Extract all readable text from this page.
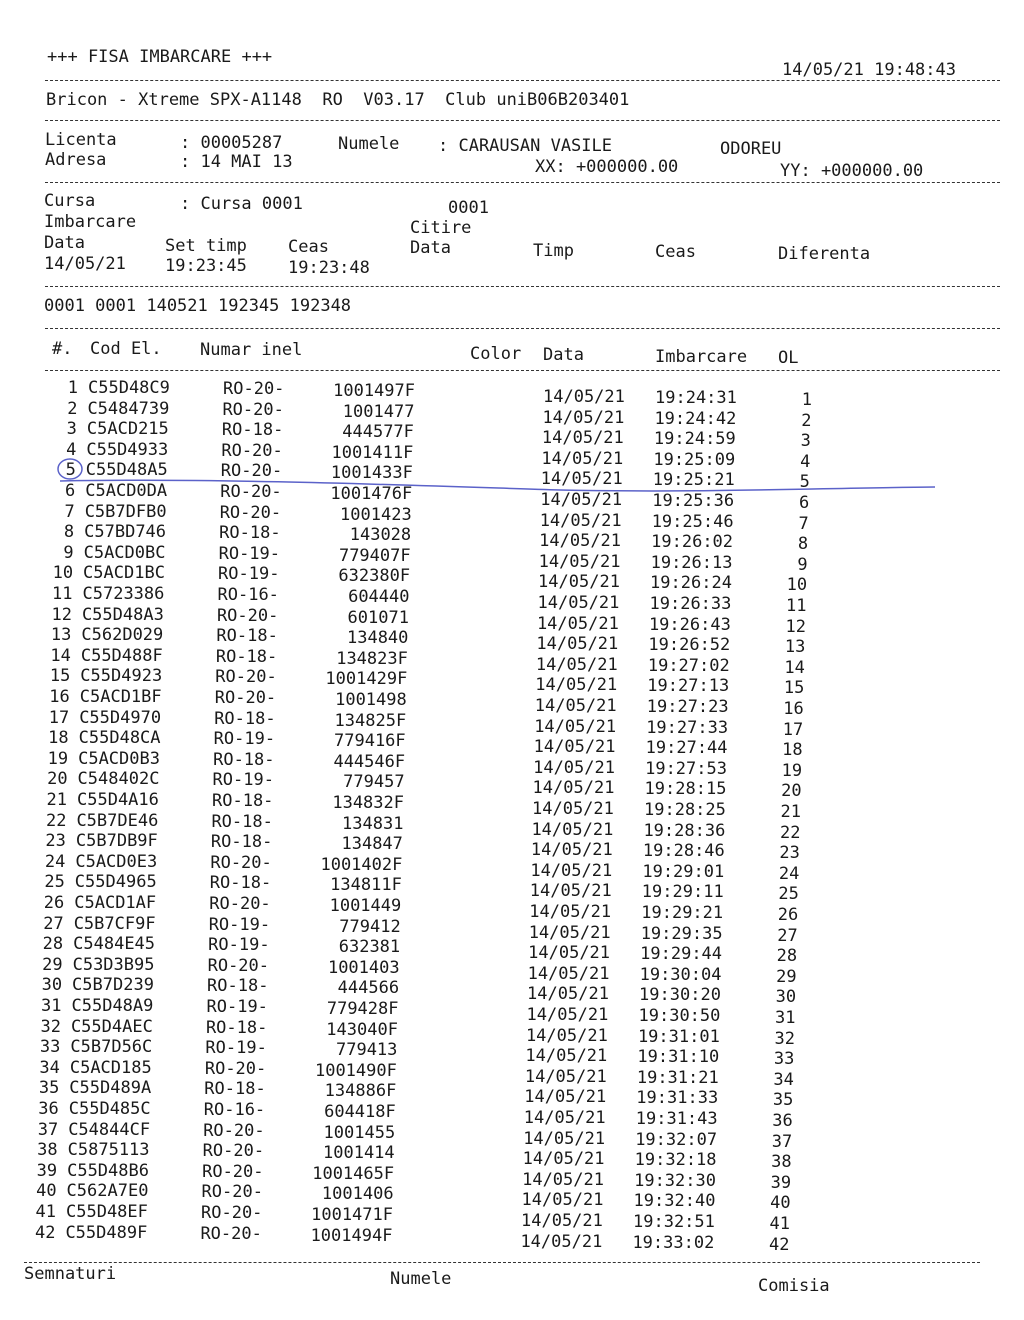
+++ FISA IMBARCARE +++
14/05/21 19:48:43
Bricon - Xtreme SPX-A1148  RO  V03.17  Club uniB06B203401
Licenta	: 00005287	Numele : CARAUSAN VASILE	ODOREU
Adresa	: 14 MAI 13	XX: +000000.00	YY: +000000.00
Cursa	: Cursa 0001	0001
Imbarcare	Citire
Data	Set timp Ceas	Data	Timp	Ceas	Diferenta
14/05/21 19:23:45 19:23:48
0001 0001 140521 192345 192348
#. Cod El. Numar inel	Color Data	Imbarcare OL
1 C55D48C9	RO-20-	1001497F	14/05/21 19:24:31	1
2 C5484739	RO-20-	1001477	14/05/21 19:24:42	2
3 C5ACD215	RO-18-	444577F	14/05/21 19:24:59	3
4 C55D4933	RO-20-	1001411F	14/05/21 19:25:09	4
5 C55D48A5	RO-20-	1001433F	14/05/21 19:25:21	5
6 C5ACD0DA	RO-20-	1001476F	14/05/21 19:25:36	6
7 C5B7DFB0	RO-20-	1001423	14/05/21 19:25:46	7
8 C57BD746	RO-18-	143028	14/05/21 19:26:02	8
9 C5ACD0BC	RO-19-	779407F	14/05/21 19:26:13	9
10 C5ACD1BC	RO-19-	632380F	14/05/21 19:26:24	10
11 C5723386	RO-16-	604440	14/05/21 19:26:33	11
12 C55D48A3	RO-20-	601071	14/05/21 19:26:43	12
13 C562D029	RO-18-	134840	14/05/21 19:26:52	13
14 C55D488F	RO-18-	134823F	14/05/21 19:27:02	14
15 C55D4923	RO-20-	1001429F	14/05/21 19:27:13	15
16 C5ACD1BF	RO-20-	1001498	14/05/21 19:27:23	16
17 C55D4970	RO-18-	134825F	14/05/21 19:27:33	17
18 C55D48CA	RO-19-	779416F	14/05/21 19:27:44	18
19 C5ACD0B3	RO-18-	444546F	14/05/21 19:27:53	19
20 C548402C	RO-19-	779457	14/05/21 19:28:15	20
21 C55D4A16	RO-18-	134832F	14/05/21 19:28:25	21
22 C5B7DE46	RO-18-	134831	14/05/21 19:28:36	22
23 C5B7DB9F	RO-18-	134847	14/05/21 19:28:46	23
24 C5ACD0E3	RO-20-	1001402F	14/05/21 19:29:01	24
25 C55D4965	RO-18-	134811F	14/05/21 19:29:11	25
26 C5ACD1AF	RO-20-	1001449	14/05/21 19:29:21	26
27 C5B7CF9F	RO-19-	779412	14/05/21 19:29:35	27
28 C5484E45	RO-19-	632381	14/05/21 19:29:44	28
29 C53D3B95	RO-20-	1001403	14/05/21 19:30:04	29
30 C5B7D239	RO-18-	444566	14/05/21 19:30:20	30
31 C55D48A9	RO-19-	779428F	14/05/21 19:30:50	31
32 C55D4AEC	RO-18-	143040F	14/05/21 19:31:01	32
33 C5B7D56C	RO-19-	779413	14/05/21 19:31:10	33
34 C5ACD185	RO-20-	1001490F	14/05/21 19:31:21	34
35 C55D489A	RO-18-	134886F	14/05/21 19:31:33	35
36 C55D485C	RO-16-	604418F	14/05/21 19:31:43	36
37 C54844CF	RO-20-	1001455	14/05/21 19:32:07	37
38 C5875113	RO-20-	1001414	14/05/21 19:32:18	38
39 C55D48B6	RO-20-	1001465F	14/05/21 19:32:30	39
40 C562A7E0	RO-20-	1001406	14/05/21 19:32:40	40
41 C55D48EF	RO-20-	1001471F	14/05/21 19:32:51	41
42 C55D489F	RO-20-	1001494F	14/05/21 19:33:02	42
Semnaturi	Numele	Comisia
